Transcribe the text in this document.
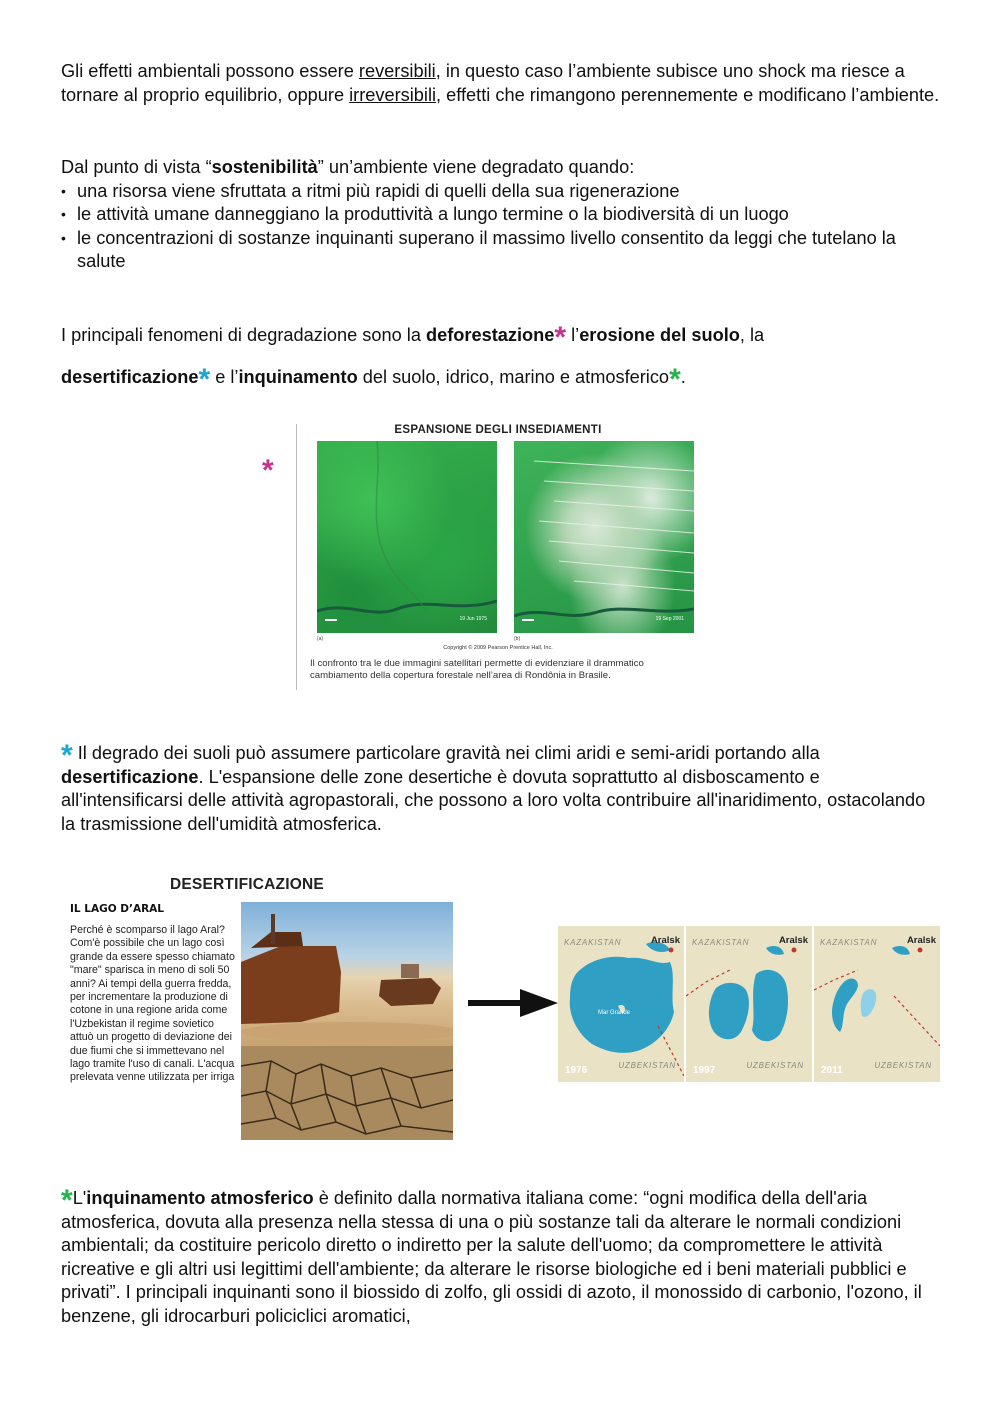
Gli effetti ambientali possono essere reversibili, in questo caso l’ambiente subisce uno shock ma riesce a tornare al proprio equilibrio, oppure irreversibili, effetti che rimangono perennemente e modificano l’ambiente.

Dal punto di vista “sostenibilità” un’ambiente viene degradato quando:
• una risorsa viene sfruttata a ritmi più rapidi di quelli della sua rigenerazione
• le attività umane danneggiano la produttività a lungo termine o la biodiversità di un luogo
• le concentrazioni di sostanze inquinanti superano il massimo livello consentito da leggi che tutelano la salute
I principali fenomeni di degradazione sono la deforestazione* l’erosione del suolo, la
desertificazione* e l’inquinamento del suolo, idrico, marino e atmosferico*.
*
ESPANSIONE DEGLI INSEDIAMENTI
19 Jun 1975	19 Sep 2001
(a)	(b)
Copyright © 2009 Pearson Prentice Hall, Inc.
Il confronto tra le due immagini satellitari permette di evidenziare il drammatico cambiamento della copertura forestale nell’area di Rondônia in Brasile.
* Il degrado dei suoli può assumere particolare gravità nei climi aridi e semi-aridi portando alla desertificazione. L'espansione delle zone desertiche è dovuta soprattutto al disboscamento e all'intensificarsi delle attività agropastorali, che possono a loro volta contribuire all'inaridimento, ostacolando la trasmissione dell'umidità atmosferica.
DESERTIFICAZIONE
IL LAGO D’ARAL
Perché è scomparso il lago Aral? Com'è possibile che un lago così grande da essere spesso chiamato "mare" sparisca in meno di soli 50 anni? Ai tempi della guerra fredda, per incrementare la produzione di cotone in una regione arida come l'Uzbekistan il regime sovietico attuò un progetto di deviazione dei due fiumi che si immettevano nel lago tramite l'uso di canali. L'acqua prelevata venne utilizzata per irriga
KAZAKISTAN	Aralsk
Mar Grande
UZBEKISTAN
1976
KAZAKISTAN	Aralsk
UZBEKISTAN
1997
KAZAKISTAN	Aralsk
UZBEKISTAN
2011
*L'inquinamento atmosferico è definito dalla normativa italiana come: “ogni modifica della dell'aria atmosferica, dovuta alla presenza nella stessa di una o più sostanze tali da alterare le normali condizioni ambientali; da costituire pericolo diretto o indiretto per la salute dell'uomo; da compromettere le attività ricreative e gli altri usi legittimi dell'ambiente; da alterare le risorse biologiche ed i beni materiali pubblici e privati”. I principali inquinanti sono il biossido di zolfo, gli ossidi di azoto, il monossido di carbonio, l'ozono, il benzene, gli idrocarburi policiclici aromatici,
